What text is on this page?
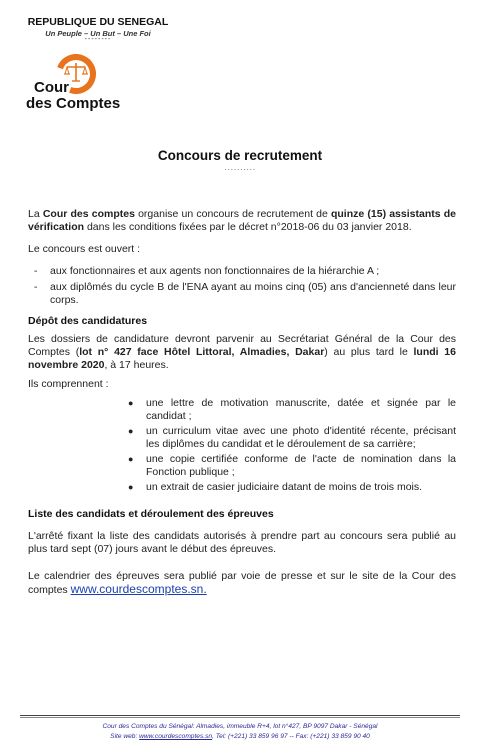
REPUBLIQUE DU SENEGAL
Un Peuple – Un But – Une Foi
--------
Cour
des Comptes
Concours de recrutement
··········

La Cour des comptes organise un concours de recrutement de quinze (15) assistants de vérification dans les conditions fixées par le décret n°2018-06 du 03 janvier 2018.

Le concours est ouvert :

- aux fonctionnaires et aux agents non fonctionnaires de la hiérarchie A ;
- aux diplômés du cycle B de l'ENA ayant au moins cinq (05) ans d'ancienneté dans leur corps.
Dépôt des candidatures

Les dossiers de candidature devront parvenir au Secrétariat Général de la Cour des Comptes (lot n° 427 face Hôtel Littoral, Almadies, Dakar) au plus tard le lundi 16 novembre 2020, à 17 heures.

Ils comprennent :

● une lettre de motivation manuscrite, datée et signée par le candidat ;
● un curriculum vitae avec une photo d'identité récente, précisant les diplômes du candidat et le déroulement de sa carrière;
● une copie certifiée conforme de l'acte de nomination dans la Fonction publique ;
● un extrait de casier judiciaire datant de moins de trois mois.
Liste des candidats et déroulement des épreuves

L'arrêté fixant la liste des candidats autorisés à prendre part au concours sera publié au plus tard sept (07) jours avant le début des épreuves.

Le calendrier des épreuves sera publié par voie de presse et sur le site de la Cour des comptes www.courdescomptes.sn.

Cour des Comptes du Sénégal: Almadies, immeuble R+4, lot n°427, BP 9097 Dakar - Sénégal
Site web: www.courdescomptes.sn, Tel: (+221) 33 859 96 97 -- Fax: (+221) 33 859 90 40
